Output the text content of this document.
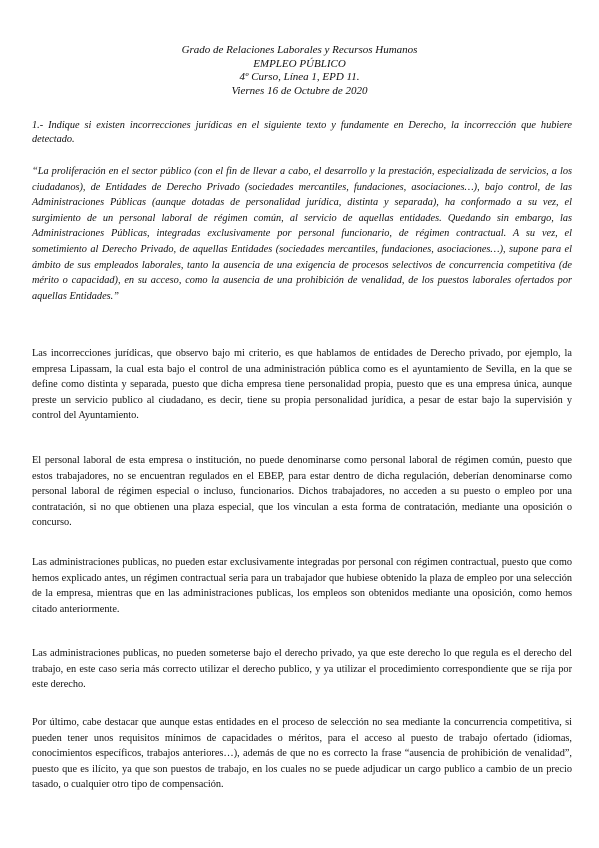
Grado de Relaciones Laborales y Recursos Humanos
EMPLEO PÚBLICO
4º Curso, Línea 1, EPD 11.
Viernes 16 de Octubre de 2020

1.- Indique si existen incorrecciones jurídicas en el siguiente texto y fundamente en Derecho, la incorrección que hubiere detectado.

“La proliferación en el sector público (con el fin de llevar a cabo, el desarrollo y la prestación, especializada de servicios, a los ciudadanos), de Entidades de Derecho Privado (sociedades mercantiles, fundaciones, asociaciones…), bajo control, de las Administraciones Públicas (aunque dotadas de personalidad jurídica, distinta y separada), ha conformado a su vez, el surgimiento de un personal laboral de régimen común, al servicio de aquellas entidades. Quedando sin embargo, las Administraciones Públicas, integradas exclusivamente por personal funcionario, de régimen contractual. A su vez, el sometimiento al Derecho Privado, de aquellas Entidades (sociedades mercantiles, fundaciones, asociaciones…), supone para el ámbito de sus empleados laborales, tanto la ausencia de una exigencia de procesos selectivos de concurrencia competitiva (de mérito o capacidad), en su acceso, como la ausencia de una prohibición de venalidad, de los puestos laborales ofertados por aquellas Entidades.”

Las incorrecciones jurídicas, que observo bajo mi criterio, es que hablamos de entidades de Derecho privado, por ejemplo, la empresa Lipassam, la cual esta bajo el control de una administración pública como es el ayuntamiento de Sevilla, en la que se define como distinta y separada, puesto que dicha empresa tiene personalidad propia, puesto que es una empresa única, aunque preste un servicio publico al ciudadano, es decir, tiene su propia personalidad jurídica, a pesar de estar bajo la supervisión y control del Ayuntamiento.

El personal laboral de esta empresa o institución, no puede denominarse como personal laboral de régimen común, puesto que estos trabajadores, no se encuentran regulados en el EBEP, para estar dentro de dicha regulación, deberían denominarse como personal laboral de régimen especial o incluso, funcionarios. Dichos trabajadores, no acceden a su puesto o empleo por una contratación, si no que obtienen una plaza especial, que los vinculan a esta forma de contratación, mediante una oposición o concurso.

Las administraciones publicas, no pueden estar exclusivamente integradas por personal con régimen contractual, puesto que como hemos explicado antes, un régimen contractual seria para un trabajador que hubiese obtenido la plaza de empleo por una selección de la empresa, mientras que en las administraciones publicas, los empleos son obtenidos mediante una oposición, como hemos citado anteriormente.

Las administraciones publicas, no pueden someterse bajo el derecho privado, ya que este derecho lo que regula es el derecho del trabajo, en este caso seria más correcto utilizar el derecho publico, y ya utilizar el procedimiento correspondiente que se rija por este derecho.

Por último, cabe destacar que aunque estas entidades en el proceso de selección no sea mediante la concurrencia competitiva, si pueden tener unos requisitos mínimos de capacidades o méritos, para el acceso al puesto de trabajo ofertado (idiomas, conocimientos específicos, trabajos anteriores…), además de que no es correcto la frase “ausencia de prohibición de venalidad”, puesto que es ilícito, ya que son puestos de trabajo, en los cuales no se puede adjudicar un cargo publico a cambio de un precio tasado, o cualquier otro tipo de compensación.
